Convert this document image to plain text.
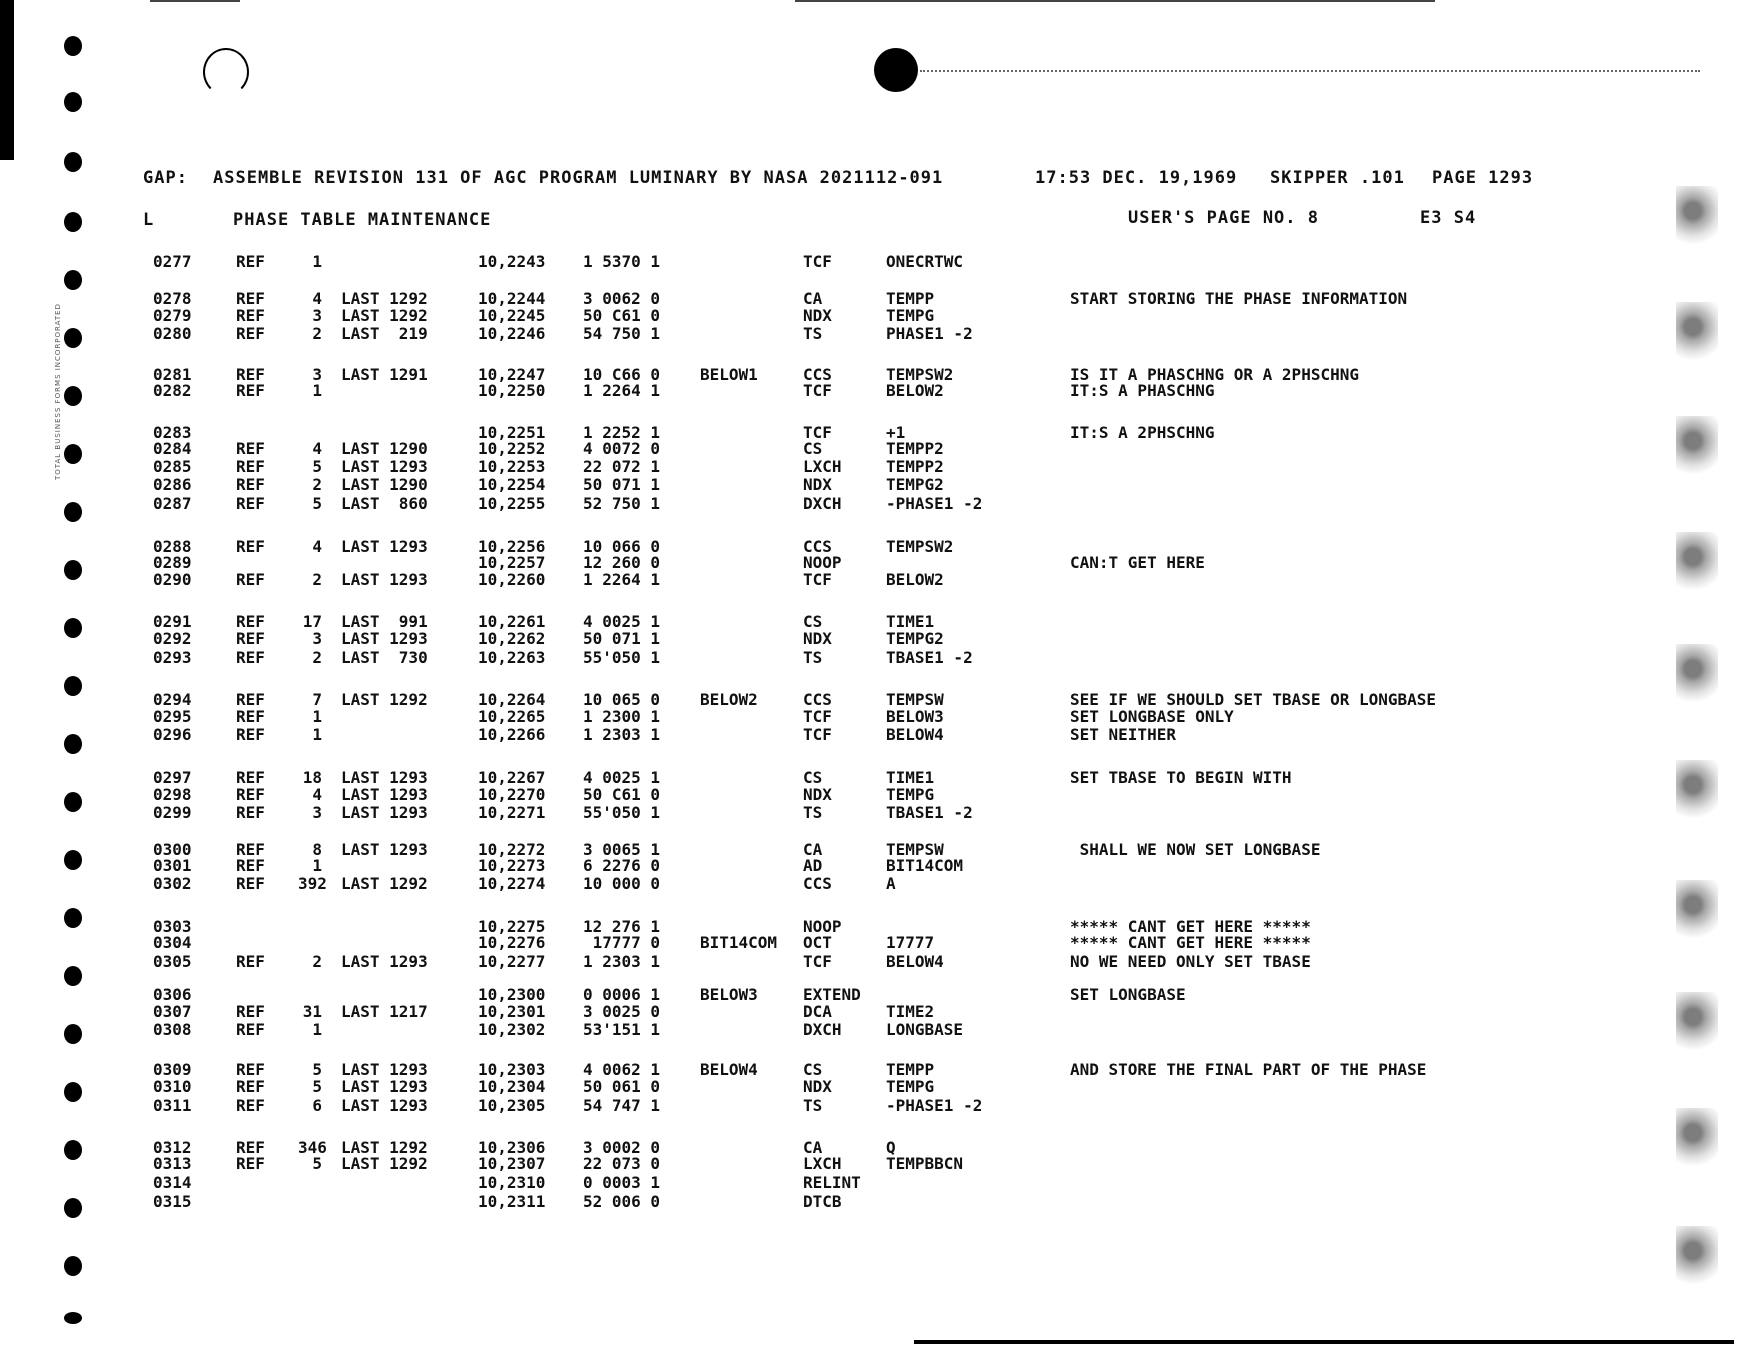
TOTAL BUSINESS FORMS INCORPORATED
GAP: ASSEMBLE REVISION 131 OF AGC PROGRAM LUMINARY BY NASA 2021112-091	17:53 DEC. 19,1969 SKIPPER .101 PAGE 1293
L	PHASE TABLE MAINTENANCE	USER'S PAGE NO. 8	E3 S4
0277	REF	1	10,2243 1 5370 1	TCF	ONECRTWC
0278	REF	4 LAST 1292	10,2244 3 0062 0	CA	TEMPP	START STORING THE PHASE INFORMATION
0279	REF	3 LAST 1292	10,2245 50 C61 0	NDX	TEMPG
0280	REF	2 LAST  219	10,2246 54 750 1	TS	PHASE1 -2
0281	REF	3 LAST 1291	10,2247 10 C66 0 BELOW1	CCS	TEMPSW2	IS IT A PHASCHNG OR A 2PHSCHNG
0282	REF	1	10,2250 1 2264 1	TCF	BELOW2	IT:S A PHASCHNG
0283	10,2251 1 2252 1	TCF	+1	IT:S A 2PHSCHNG
0284	REF	4 LAST 1290	10,2252 4 0072 0	CS	TEMPP2
0285	REF	5 LAST 1293	10,2253 22 072 1	LXCH	TEMPP2
0286	REF	2 LAST 1290	10,2254 50 071 1	NDX	TEMPG2
0287	REF	5 LAST  860	10,2255 52 750 1	DXCH	-PHASE1 -2
0288	REF	4 LAST 1293	10,2256 10 066 0	CCS	TEMPSW2
0289	10,2257 12 260 0	NOOP	CAN:T GET HERE
0290	REF	2 LAST 1293	10,2260 1 2264 1	TCF	BELOW2
0291	REF 17 LAST  991	10,2261 4 0025 1	CS	TIME1
0292	REF	3 LAST 1293	10,2262 50 071 1	NDX	TEMPG2
0293	REF	2 LAST  730	10,2263 55'050 1	TS	TBASE1 -2
0294	REF	7 LAST 1292	10,2264 10 065 0 BELOW2	CCS	TEMPSW	SEE IF WE SHOULD SET TBASE OR LONGBASE
0295	REF	1	10,2265 1 2300 1	TCF	BELOW3	SET LONGBASE ONLY
0296	REF	1	10,2266 1 2303 1	TCF	BELOW4	SET NEITHER
0297	REF 18 LAST 1293	10,2267 4 0025 1	CS	TIME1	SET TBASE TO BEGIN WITH
0298	REF	4 LAST 1293	10,2270 50 C61 0	NDX	TEMPG
0299	REF	3 LAST 1293	10,2271 55'050 1	TS	TBASE1 -2
0300	REF	8 LAST 1293	10,2272 3 0065 1	CA	TEMPSW	SHALL WE NOW SET LONGBASE
0301	REF	1	10,2273 6 2276 0	AD	BIT14COM
0302	REF 392 LAST 1292	10,2274 10 000 0	CCS	A
0303	10,2275 12 276 1	NOOP	***** CANT GET HERE *****
0304	10,2276 17777 0 BIT14COM OCT	17777	***** CANT GET HERE *****
0305	REF	2 LAST 1293	10,2277 1 2303 1	TCF	BELOW4	NO WE NEED ONLY SET TBASE
0306	10,2300 0 0006 1 BELOW3	EXTEND	SET LONGBASE
0307	REF 31 LAST 1217	10,2301 3 0025 0	DCA	TIME2
0308	REF	1	10,2302 53'151 1	DXCH	LONGBASE
0309	REF	5 LAST 1293	10,2303 4 0062 1 BELOW4	CS	TEMPP	AND STORE THE FINAL PART OF THE PHASE
0310	REF	5 LAST 1293	10,2304 50 061 0	NDX	TEMPG
0311	REF	6 LAST 1293	10,2305 54 747 1	TS	-PHASE1 -2
0312	REF 346 LAST 1292	10,2306 3 0002 0	CA	Q
0313	REF	5 LAST 1292	10,2307 22 073 0	LXCH	TEMPBBCN
0314	10,2310 0 0003 1	RELINT
0315	10,2311 52 006 0	DTCB
